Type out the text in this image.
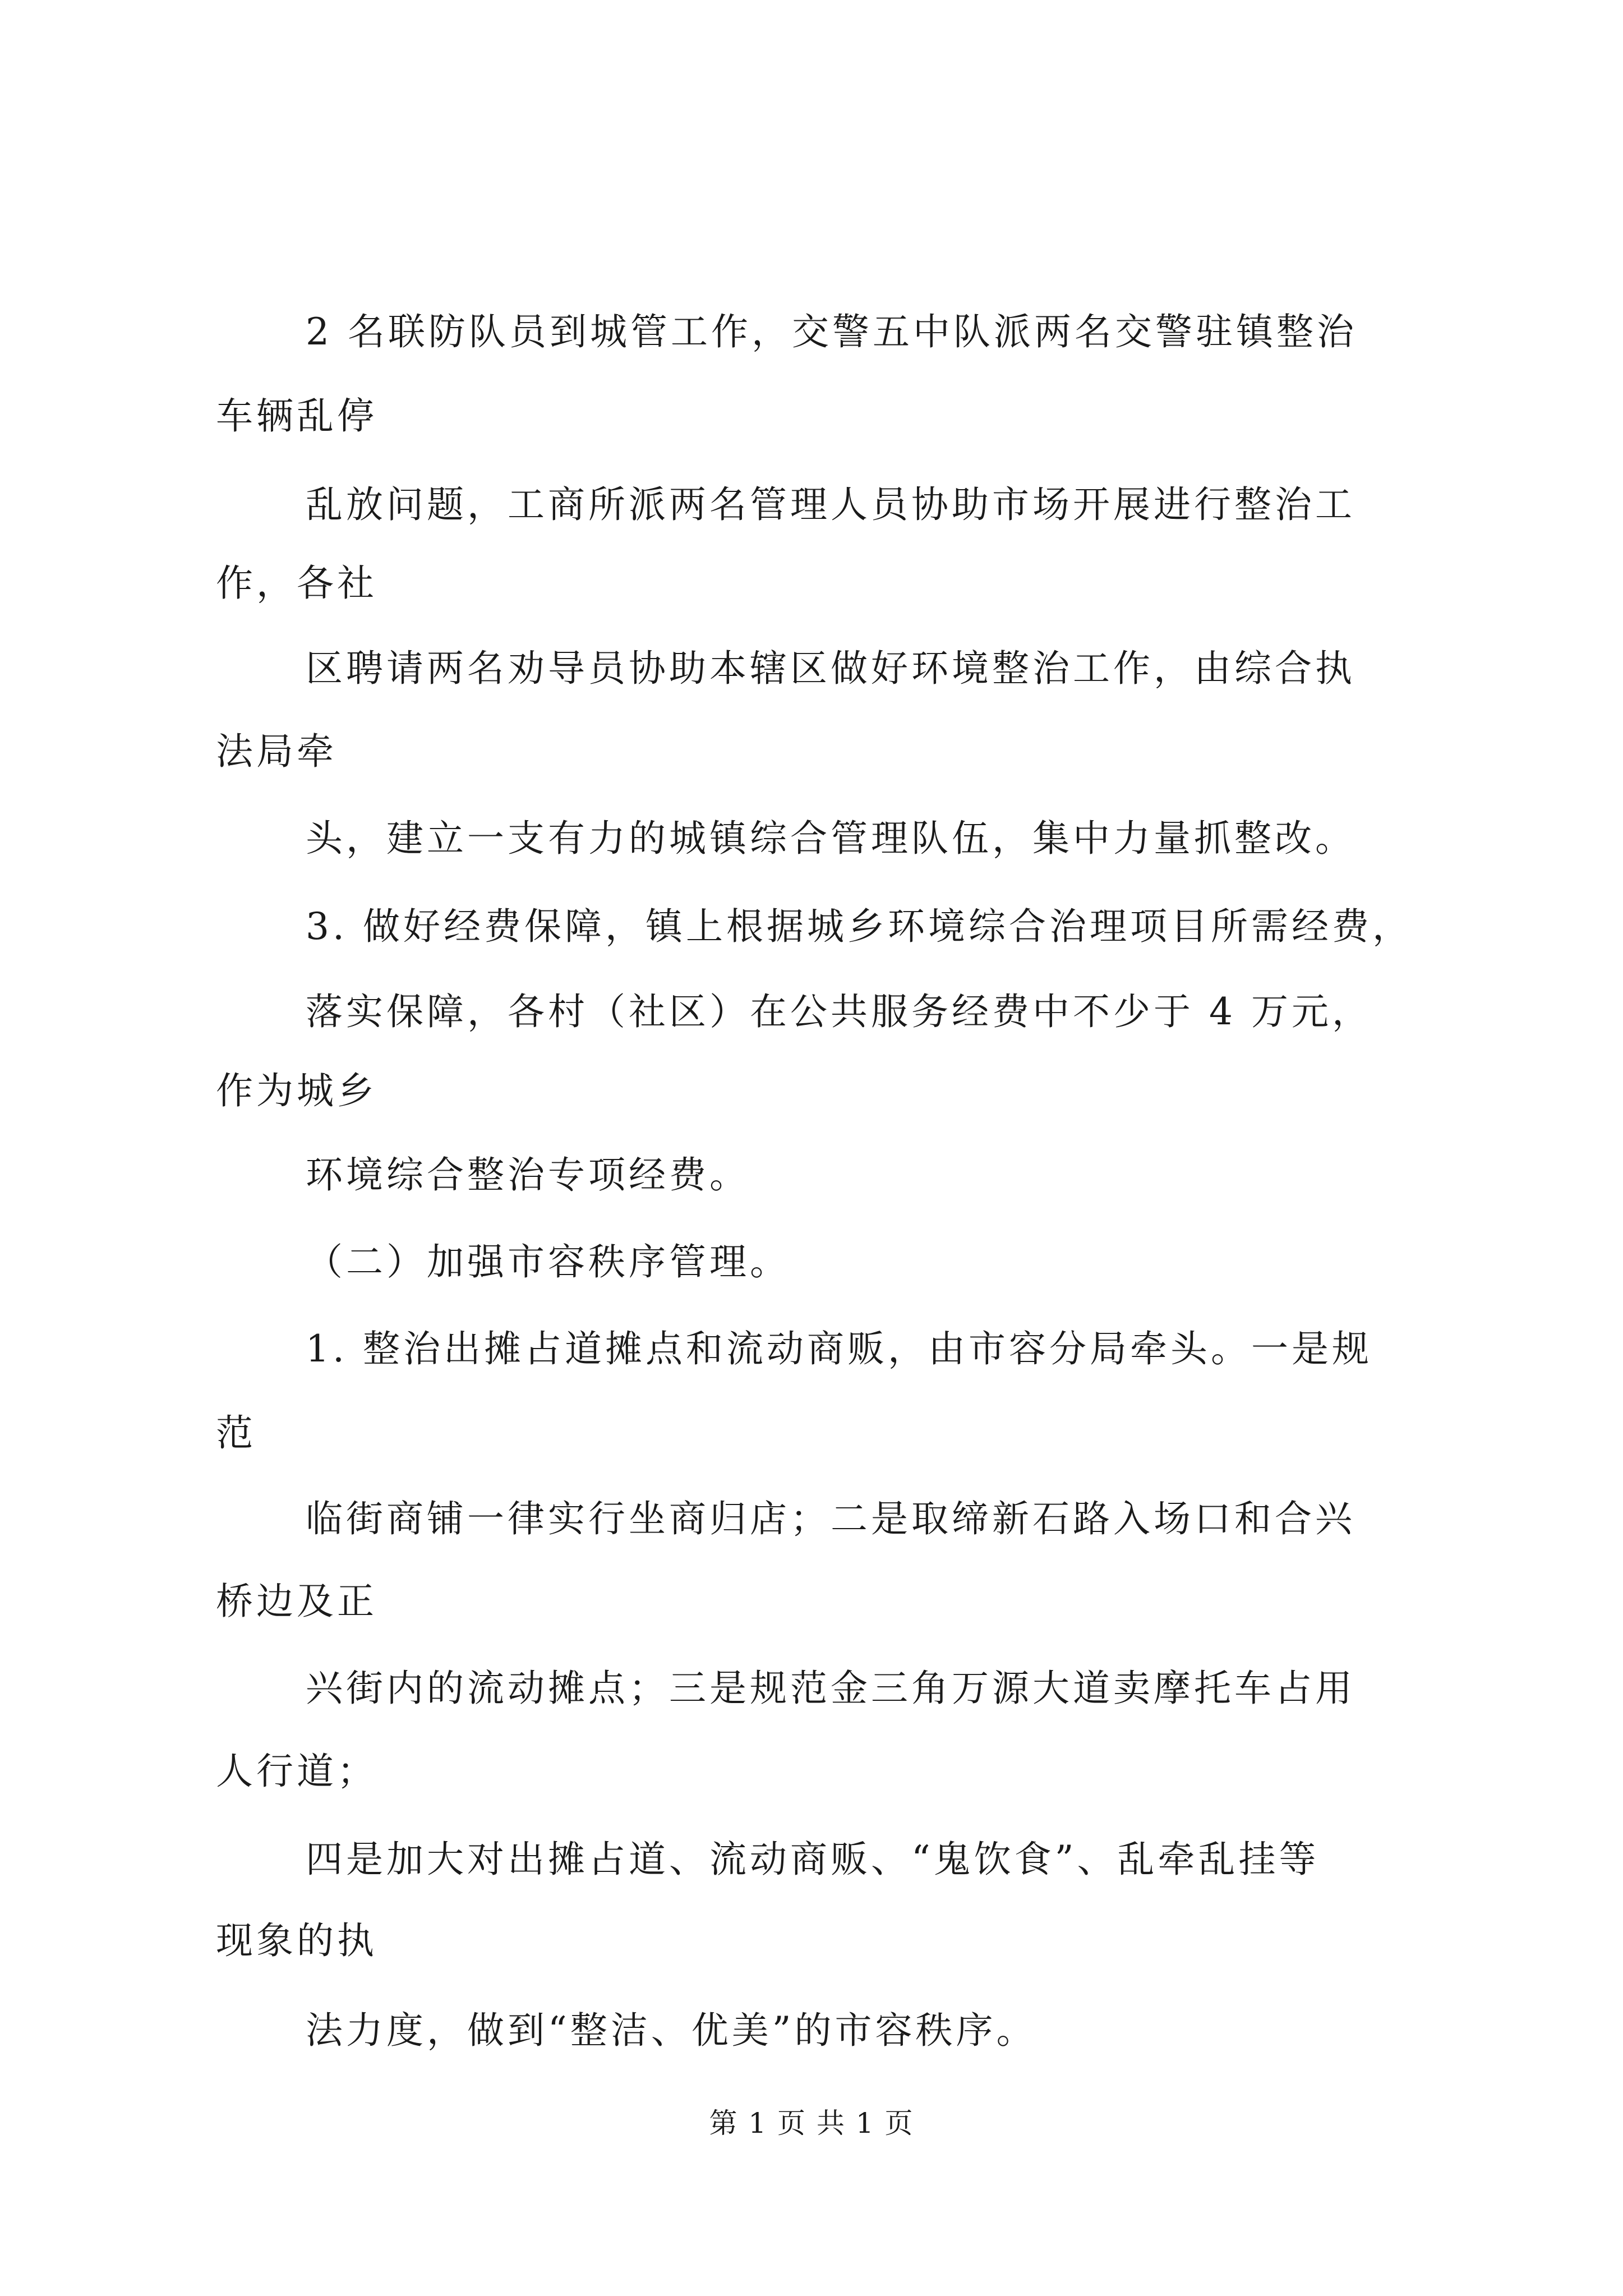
2 名联防队员到城管工作，交警五中队派两名交警驻镇整治

车辆乱停

乱放问题，工商所派两名管理人员协助市场开展进行整治工

作，各社

区聘请两名劝导员协助本辖区做好环境整治工作，由综合执

法局牵

头，建立一支有力的城镇综合管理队伍，集中力量抓整改。

3. 做好经费保障，镇上根据城乡环境综合治理项目所需经费，

落实保障，各村（社区）在公共服务经费中不少于 4 万元，

作为城乡

环境综合整治专项经费。

（二）加强市容秩序管理。

1. 整治出摊占道摊点和流动商贩，由市容分局牵头。一是规

范

临街商铺一律实行坐商归店；二是取缔新石路入场口和合兴

桥边及正

兴街内的流动摊点；三是规范金三角万源大道卖摩托车占用

人行道；

四是加大对出摊占道、流动商贩、“鬼饮食”、乱牵乱挂等

现象的执

法力度，做到“整洁、优美”的市容秩序。

第 1 页 共 1 页
